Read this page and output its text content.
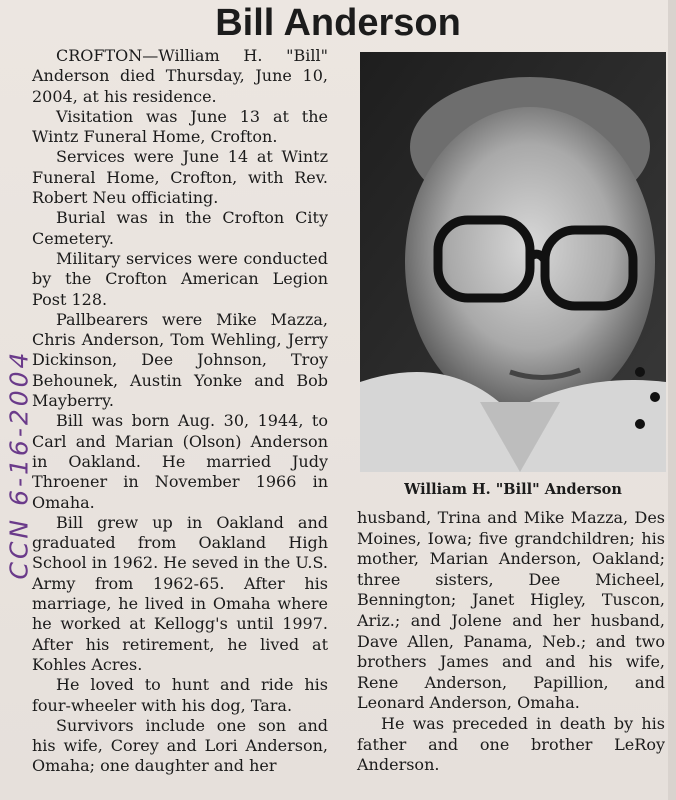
Bill Anderson

CROFTON—William H. "Bill" Anderson died Thursday, June 10, 2004, at his residence.

Visitation was June 13 at the Wintz Funeral Home, Crofton.

Services were June 14 at Wintz Funeral Home, Crofton, with Rev. Robert Neu officiating.

Burial was in the Crofton City Cemetery.

Military services were conducted by the Crofton American Legion Post 128.

Pallbearers were Mike Mazza, Chris Anderson, Tom Wehling, Jerry Dickinson, Dee Johnson, Troy Behounek, Austin Yonke and Bob Mayberry.

Bill was born Aug. 30, 1944, to Carl and Marian (Olson) Anderson in Oakland. He married Judy Throener in November 1966 in Omaha.

Bill grew up in Oakland and graduated from Oakland High School in 1962. He seved in the U.S. Army from 1962-65. After his marriage, he lived in Omaha where he worked at Kellogg's until 1997. After his retirement, he lived at Kohles Acres.

He loved to hunt and ride his four-wheeler with his dog, Tara.

Survivors include one son and his wife, Corey and Lori Anderson, Omaha; one daughter and her

William H. "Bill" Anderson

husband, Trina and Mike Mazza, Des Moines, Iowa; five grandchildren; his mother, Marian Anderson, Oakland; three sisters, Dee Micheel, Bennington; Janet Higley, Tuscon, Ariz.; and Jolene and her husband, Dave Allen, Panama, Neb.; and two brothers James and and his wife, Rene Anderson, Papillion, and Leonard Anderson, Omaha.

He was preceded in death by his father and one brother LeRoy Anderson.

CCN 6-16-2004
